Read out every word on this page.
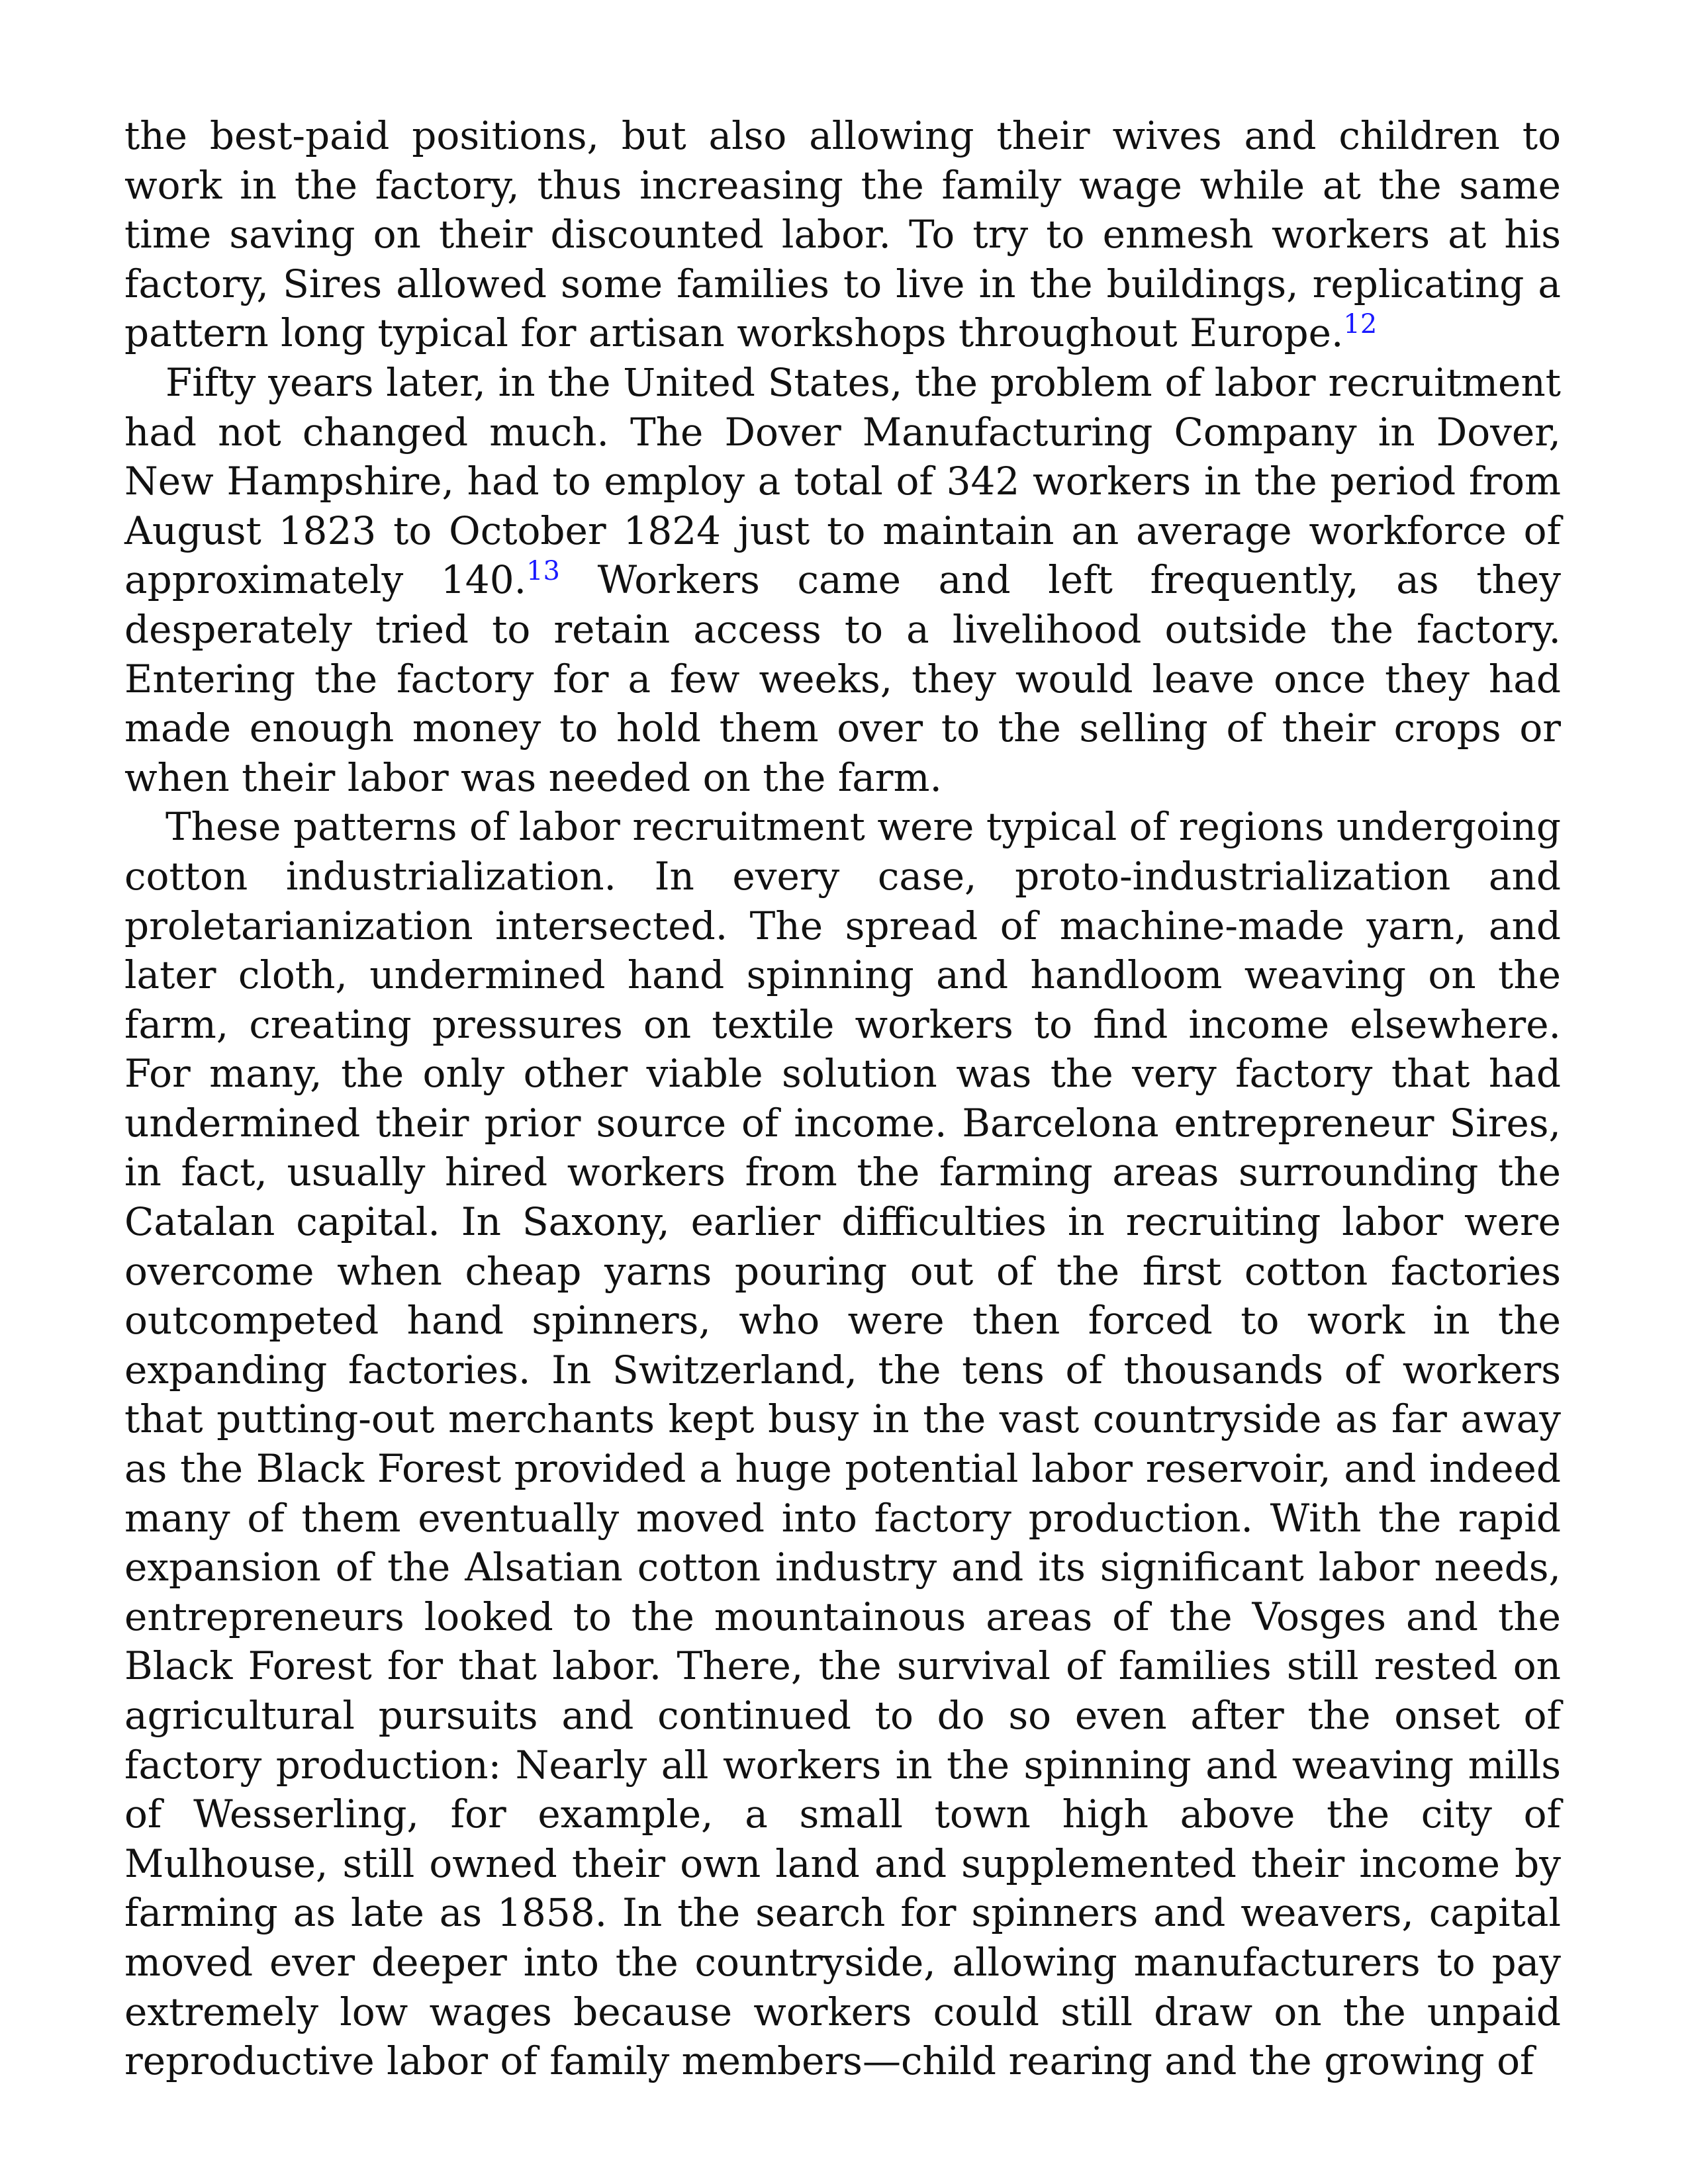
the best-paid positions, but also allowing their wives and children to work in the factory, thus increasing the family wage while at the same time saving on their discounted labor. To try to enmesh workers at his factory, Sires allowed some families to live in the buildings, replicating a pattern long typical for artisan workshops throughout Europe.$^{12}$

Fifty years later, in the United States, the problem of labor recruitment had not changed much. The Dover Manufacturing Company in Dover, New Hampshire, had to employ a total of 342 workers in the period from August 1823 to October 1824 just to maintain an average workforce of approximately 140.13 Workers came and left frequently, as they desperately tried to retain access to a livelihood outside the factory. Entering the factory for a few weeks, they would leave once they had made enough money to hold them over to the selling of their crops or when their labor was needed on the farm.

These patterns of labor recruitment were typical of regions undergoing cotton industrialization. In every case, proto-industrialization and proletarianization intersected. The spread of machine-made yarn, and later cloth, undermined hand spinning and handloom weaving on the farm, creating pressures on textile workers to find income elsewhere. For many, the only other viable solution was the very factory that had undermined their prior source of income. Barcelona entrepreneur Sires, in fact, usually hired workers from the farming areas surrounding the Catalan capital. In Saxony, earlier difficulties in recruiting labor were overcome when cheap yarns pouring out of the first cotton factories outcompeted hand spinners, who were then forced to work in the expanding factories. In Switzerland, the tens of thousands of workers that putting-out merchants kept busy in the vast countryside as far away as the Black Forest provided a huge potential labor reservoir, and indeed many of them eventually moved into factory production. With the rapid expansion of the Alsatian cotton industry and its significant labor needs, entrepreneurs looked to the mountainous areas of the Vosges and the Black Forest for that labor. There, the survival of families still rested on agricultural pursuits and continued to do so even after the onset of factory production: Nearly all workers in the spinning and weaving mills of Wesserling, for example, a small town high above the city of Mulhouse, still owned their own land and supplemented their income by farming as late as 1858. In the search for spinners and weavers, capital moved ever deeper into the countryside, allowing manufacturers to pay extremely low wages because workers could still draw on the unpaid reproductive labor of family members—child rearing and the growing of
